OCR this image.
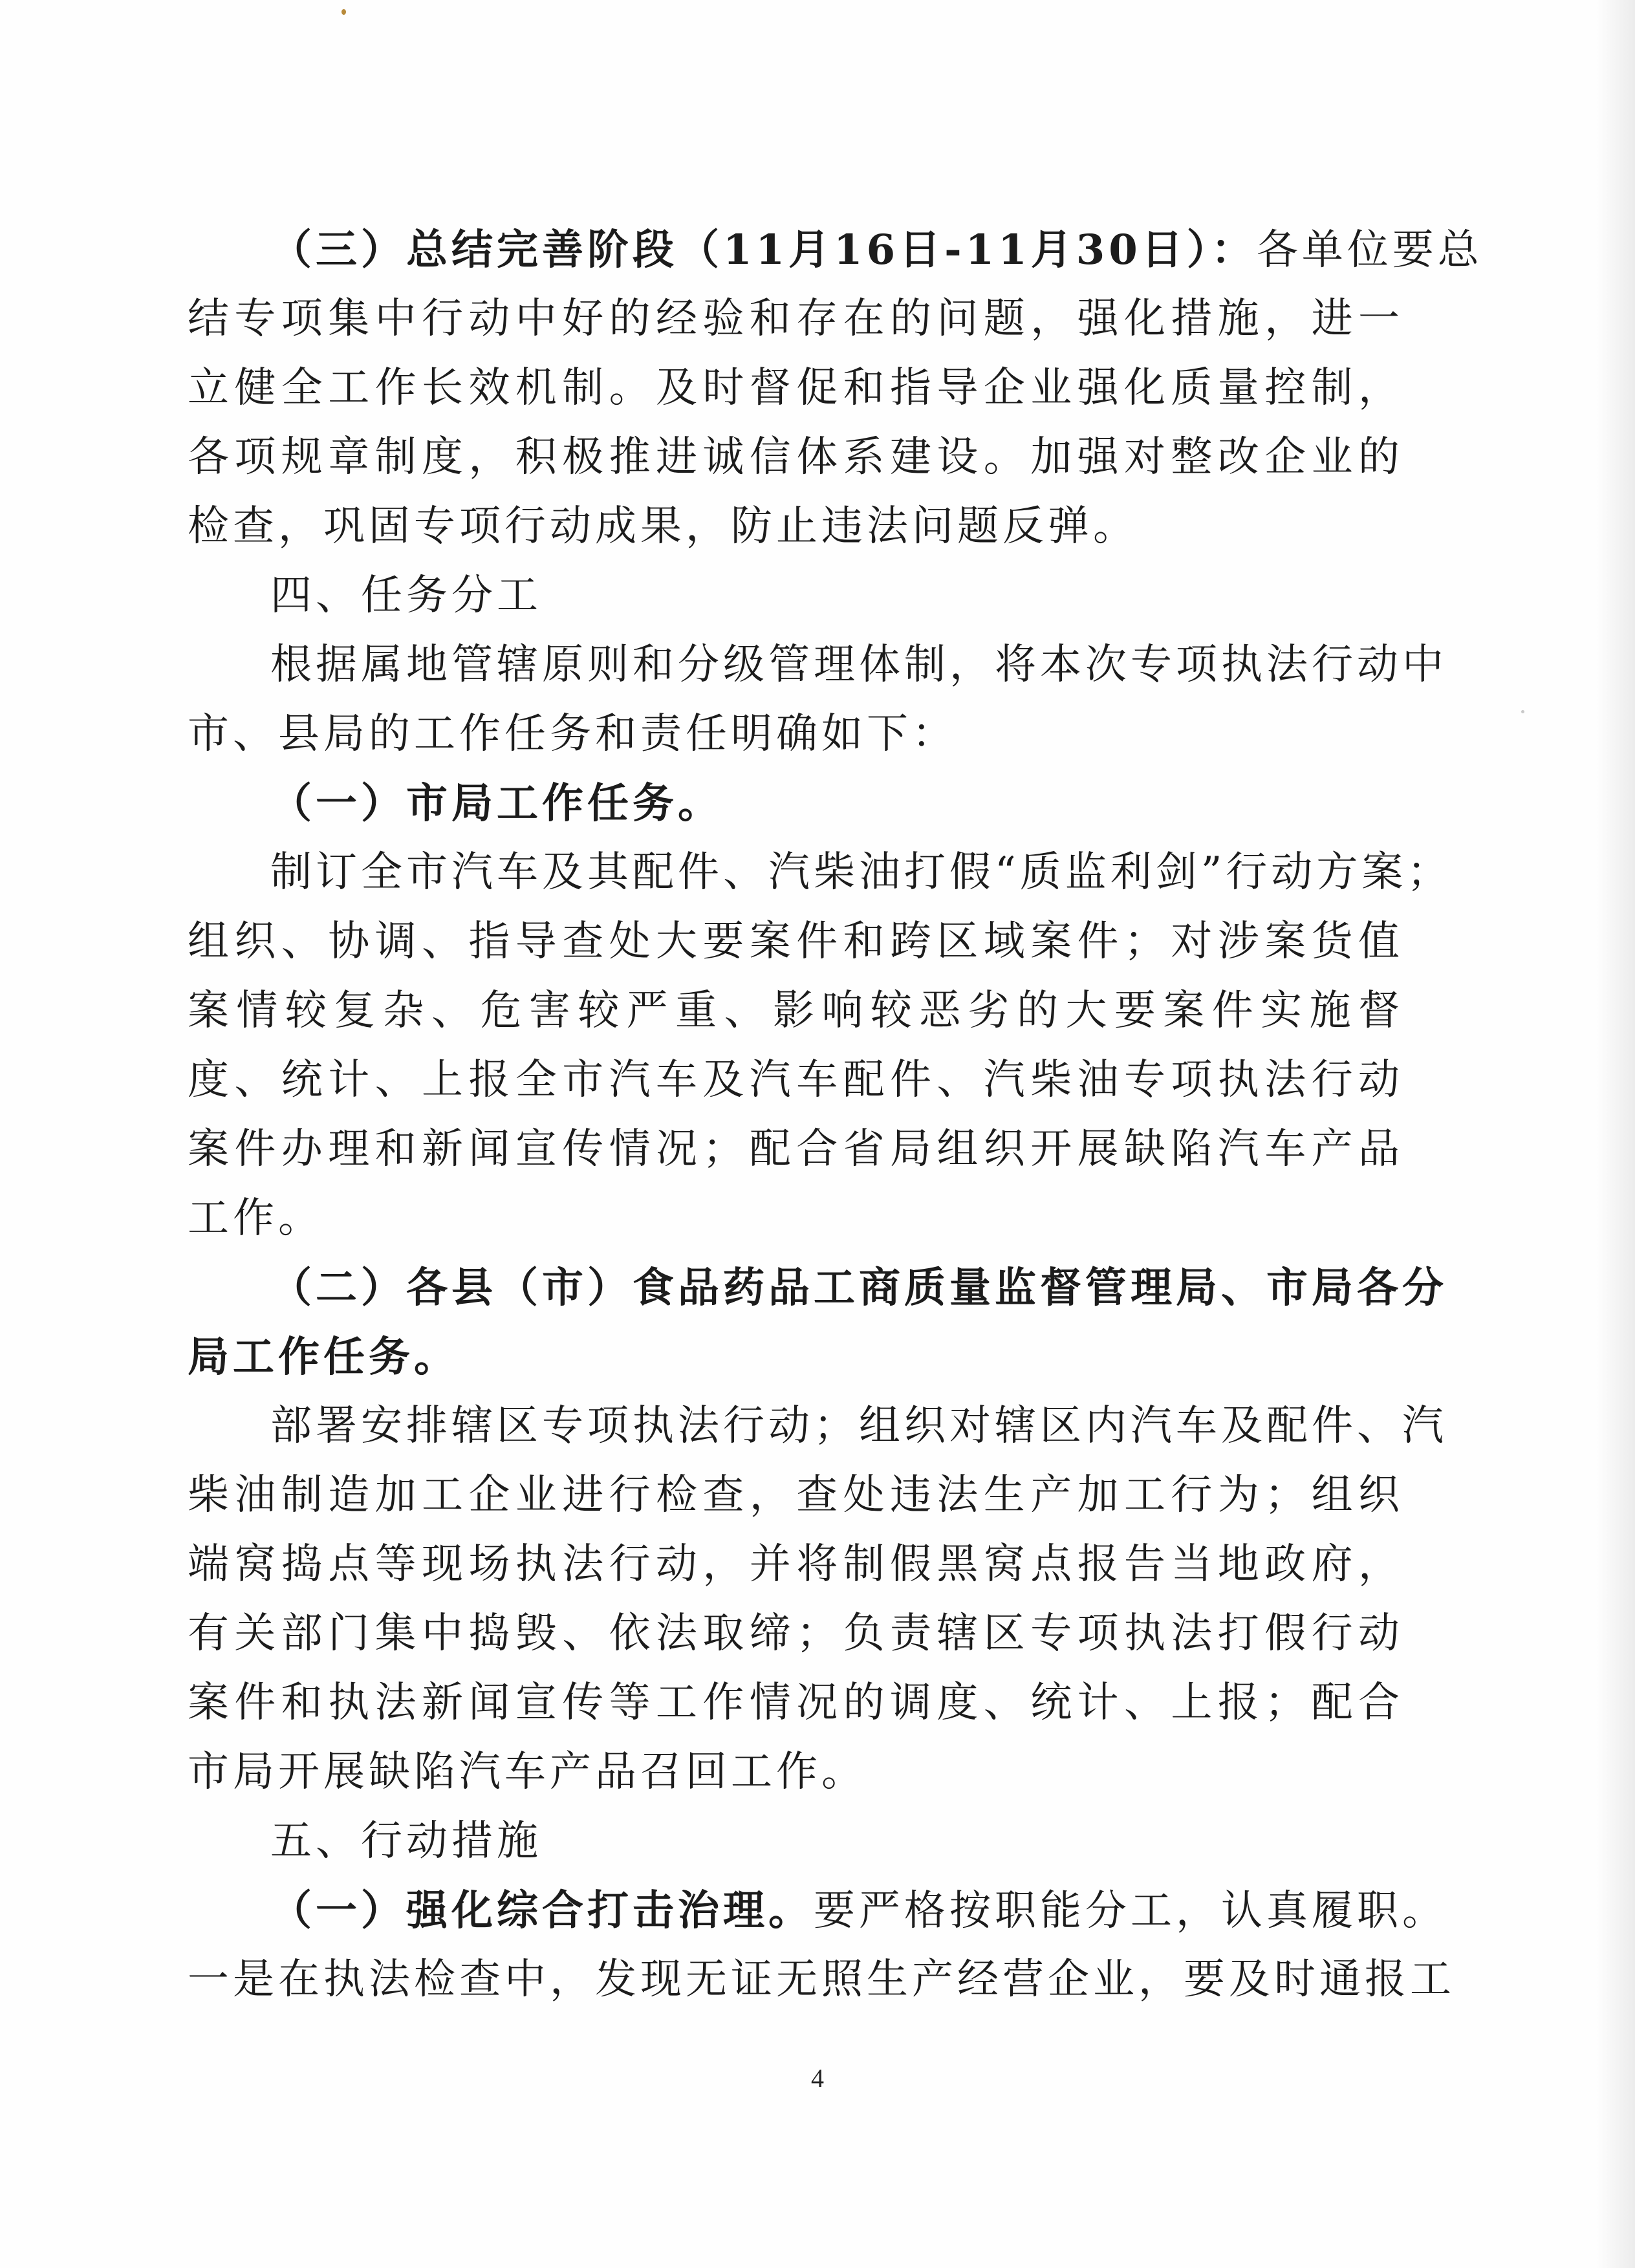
（三）总结完善阶段（11月16日-11月30日）：各单位要总
结专项集中行动中好的经验和存在的问题，强化措施，进一
立健全工作长效机制。及时督促和指导企业强化质量控制，
各项规章制度，积极推进诚信体系建设。加强对整改企业的
检查，巩固专项行动成果，防止违法问题反弹。
四、任务分工
根据属地管辖原则和分级管理体制，将本次专项执法行动中
市、县局的工作任务和责任明确如下：
（一）市局工作任务。
制订全市汽车及其配件、汽柴油打假“质监利剑”行动方案；
组织、协调、指导查处大要案件和跨区域案件；对涉案货值
案情较复杂、危害较严重、影响较恶劣的大要案件实施督
度、统计、上报全市汽车及汽车配件、汽柴油专项执法行动
案件办理和新闻宣传情况；配合省局组织开展缺陷汽车产品
工作。
（二）各县（市）食品药品工商质量监督管理局、市局各分
局工作任务。
部署安排辖区专项执法行动；组织对辖区内汽车及配件、汽
柴油制造加工企业进行检查，查处违法生产加工行为；组织
端窝捣点等现场执法行动，并将制假黑窝点报告当地政府，
有关部门集中捣毁、依法取缔；负责辖区专项执法打假行动
案件和执法新闻宣传等工作情况的调度、统计、上报；配合
市局开展缺陷汽车产品召回工作。
五、行动措施
（一）强化综合打击治理。要严格按职能分工，认真履职。
一是在执法检查中，发现无证无照生产经营企业，要及时通报工
4
